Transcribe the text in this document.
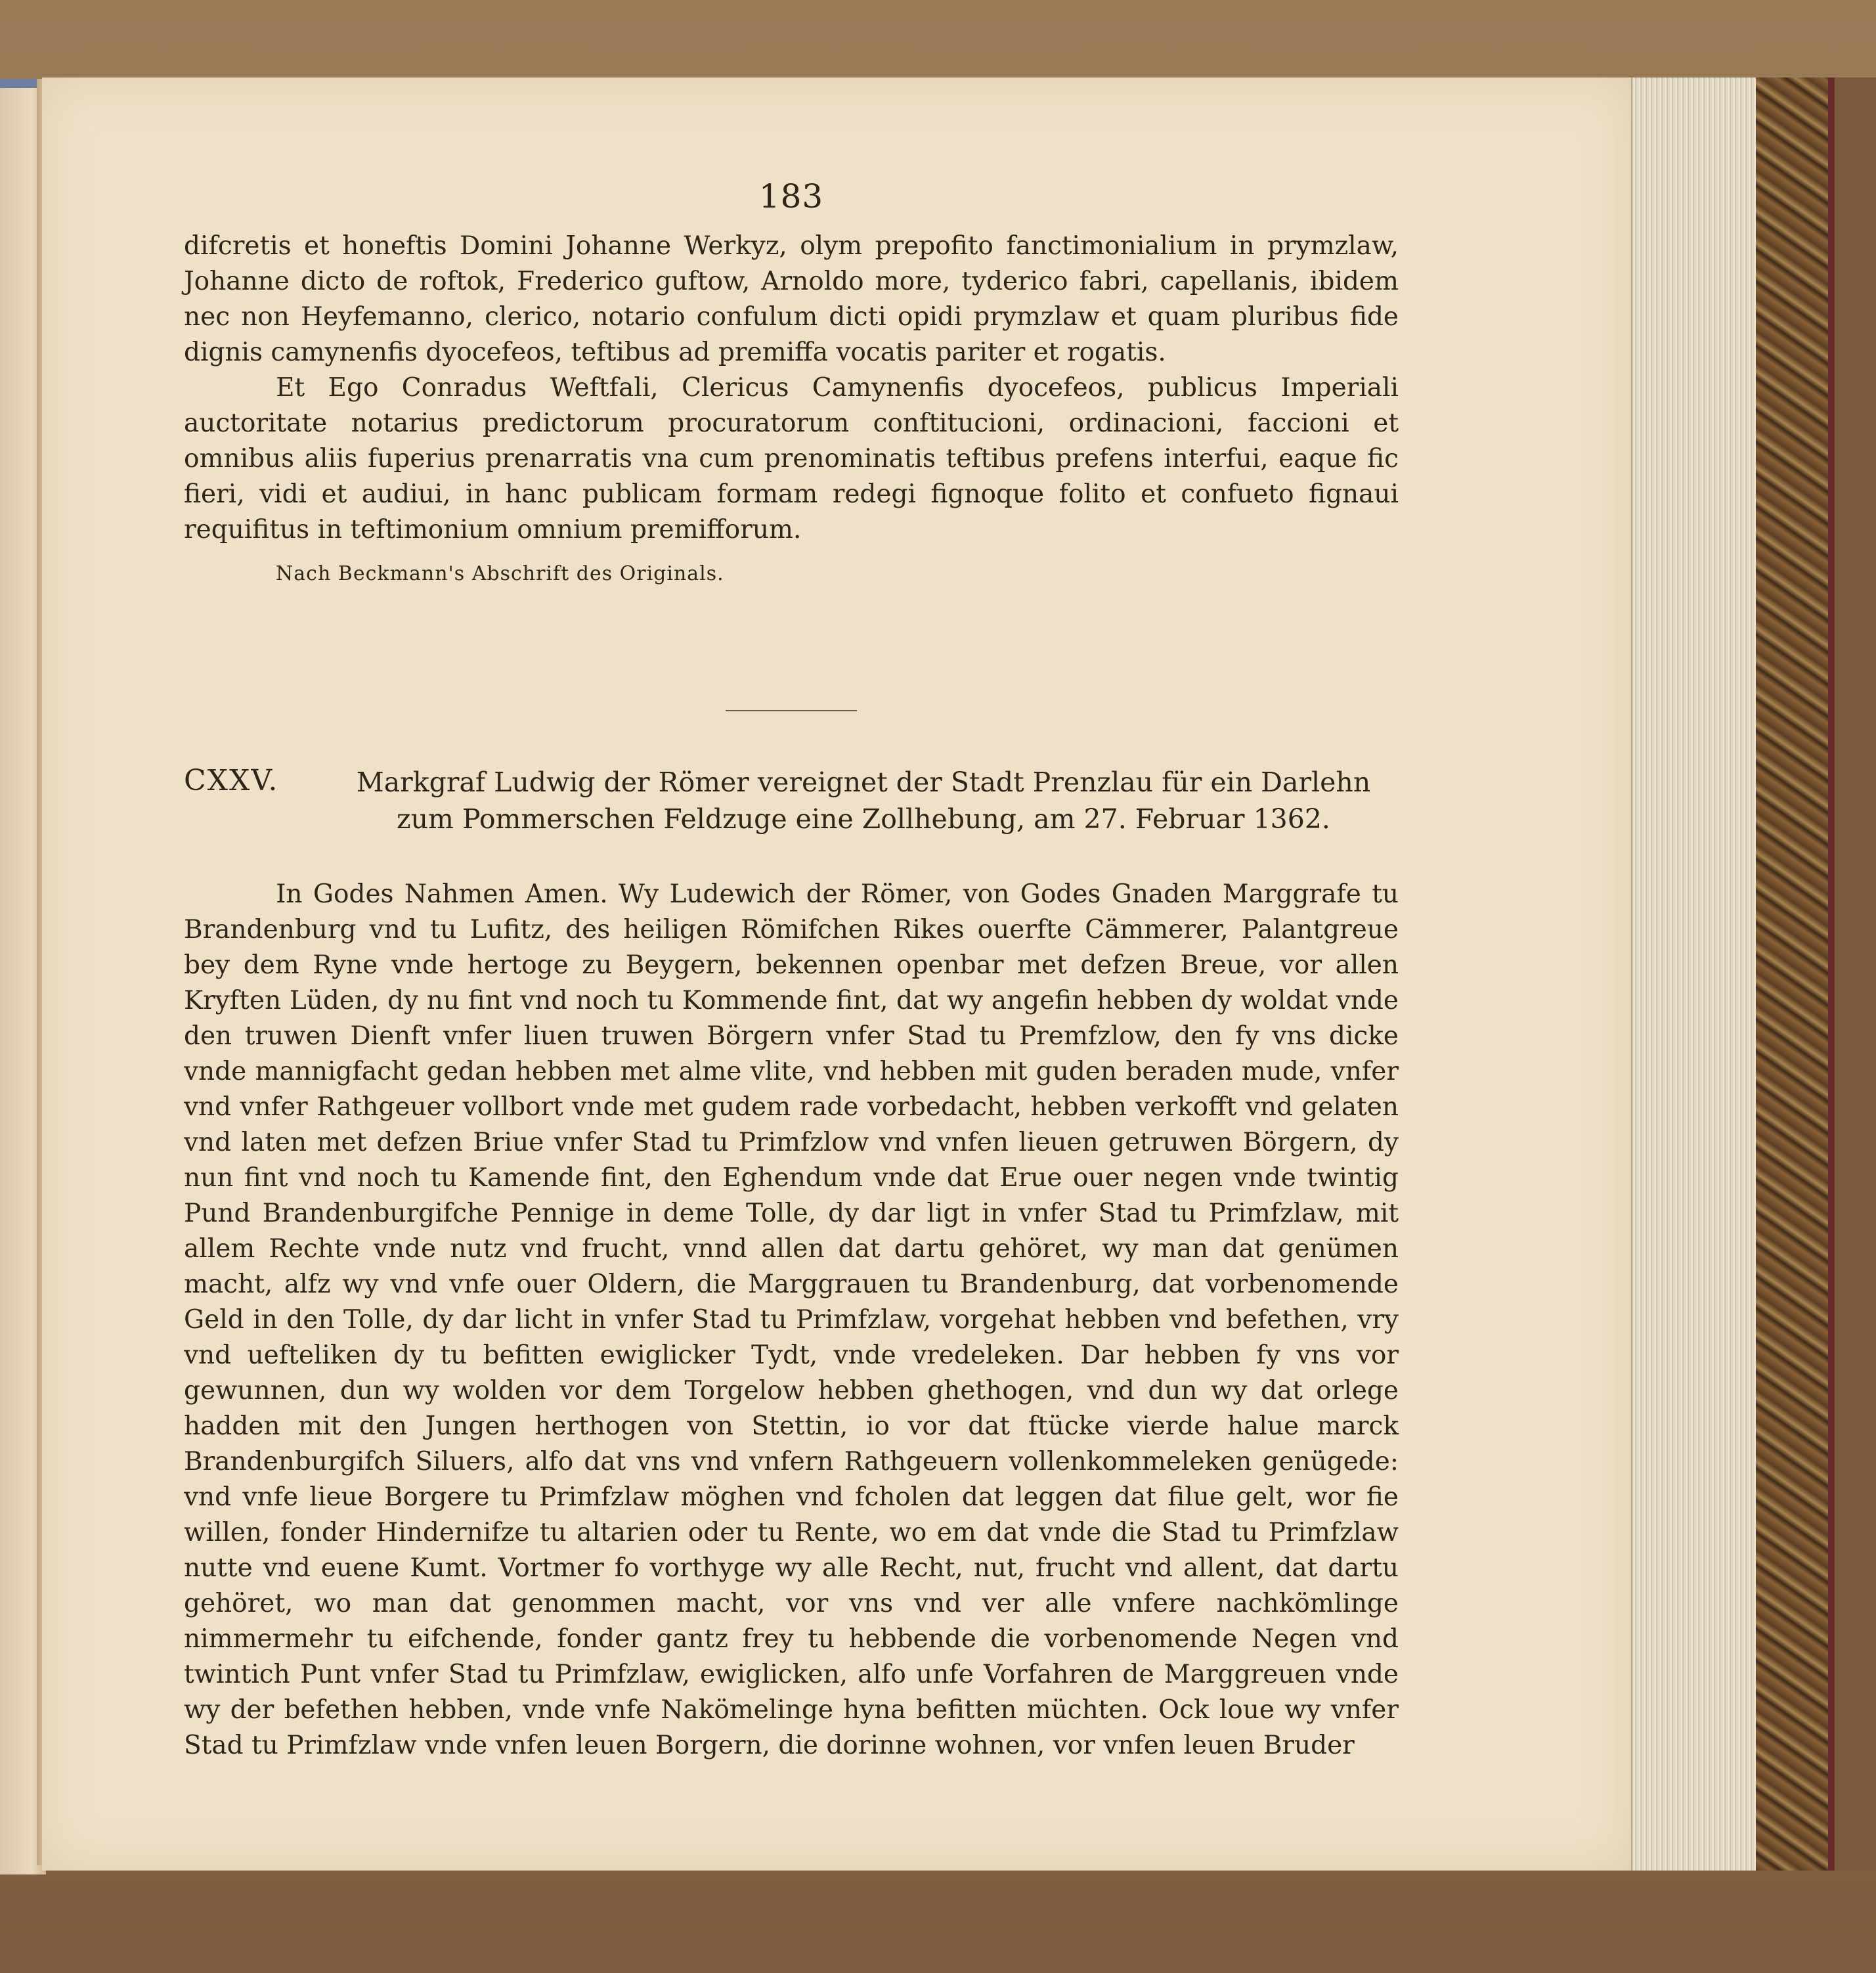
183

difcretis et honeftis Domini Johanne Werkyz, olym prepofito fanctimonialium in prymzlaw, Johanne dicto de roftok, Frederico guftow, Arnoldo more, tyderico fabri, capellanis, ibidem nec non Heyfemanno, clerico, notario confulum dicti opidi prymzlaw et quam pluribus fide dignis camynenfis dyocefeos, teftibus ad premiffa vocatis pariter et rogatis.

Et Ego Conradus Weftfali, Clericus Camynenfis dyocefeos, publicus Imperiali auctoritate notarius predictorum procuratorum conftitucioni, ordinacioni, faccioni et omnibus aliis fuperius prenarratis vna cum prenominatis teftibus prefens interfui, eaque fic fieri, vidi et audiui, in hanc publicam formam redegi fignoque folito et confueto fignaui requifitus in teftimonium omnium premifforum.

Nach Beckmann's Abschrift des Originals.
CXXV.	Markgraf Ludwig der Römer vereignet der Stadt Prenzlau für ein Darlehn zum Pommerschen Feldzuge eine Zollhebung, am 27. Februar 1362.

In Godes Nahmen Amen. Wy Ludewich der Römer, von Godes Gnaden Marggrafe tu Brandenburg vnd tu Lufitz, des heiligen Römifchen Rikes ouerfte Cämmerer, Palantgreue bey dem Ryne vnde hertoge zu Beygern, bekennen openbar met defzen Breue, vor allen Kryften Lüden, dy nu fint vnd noch tu Kommende fint, dat wy angefin hebben dy woldat vnde den truwen Dienft vnfer liuen truwen Börgern vnfer Stad tu Premfzlow, den fy vns dicke vnde mannigfacht gedan hebben met alme vlite, vnd hebben mit guden beraden mude, vnfer vnd vnfer Rathgeuer vollbort vnde met gudem rade vorbedacht, hebben verkofft vnd gelaten vnd laten met defzen Briue vnfer Stad tu Primfzlow vnd vnfen lieuen getruwen Börgern, dy nun fint vnd noch tu Kamende fint, den Eghendum vnde dat Erue ouer negen vnde twintig Pund Brandenburgifche Pennige in deme Tolle, dy dar ligt in vnfer Stad tu Primfzlaw, mit allem Rechte vnde nutz vnd frucht, vnnd allen dat dartu gehöret, wy man dat genümen macht, alfz wy vnd vnfe ouer Oldern, die Marggrauen tu Brandenburg, dat vorbenomende Geld in den Tolle, dy dar licht in vnfer Stad tu Primfzlaw, vorgehat hebben vnd befethen, vry vnd uefteliken dy tu befitten ewiglicker Tydt, vnde vredeleken. Dar hebben fy vns vor gewunnen, dun wy wolden vor dem Torgelow hebben ghethogen, vnd dun wy dat orlege hadden mit den Jungen herthogen von Stettin, io vor dat ftücke vierde halue marck Brandenburgifch Siluers, alfo dat vns vnd vnfern Rathgeuern vollenkommeleken genügede: vnd vnfe lieue Borgere tu Primfzlaw möghen vnd fcholen dat leggen dat filue gelt, wor fie willen, fonder Hindernifze tu altarien oder tu Rente, wo em dat vnde die Stad tu Primfzlaw nutte vnd euene Kumt. Vortmer fo vorthyge wy alle Recht, nut, frucht vnd allent, dat dartu gehöret, wo man dat genommen macht, vor vns vnd ver alle vnfere nachkömlinge nimmermehr tu eifchende, fonder gantz frey tu hebbende die vorbenomende Negen vnd twintich Punt vnfer Stad tu Primfzlaw, ewiglicken, alfo unfe Vorfahren de Marggreuen vnde wy der befethen hebben, vnde vnfe Nakömelinge hyna befitten müchten. Ock loue wy vnfer Stad tu Primfzlaw vnde vnfen leuen Borgern, die dorinne wohnen, vor vnfen leuen Bruder
